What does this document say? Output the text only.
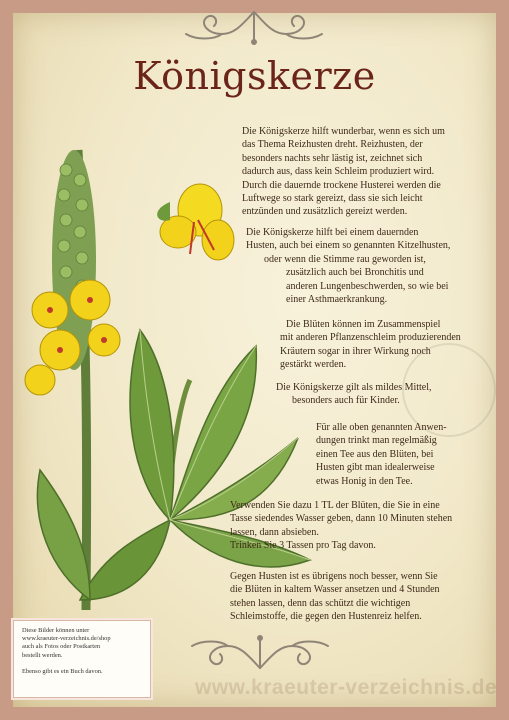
Königskerze

Die Königskerze hilft wunderbar, wenn es sich um
das Thema Reizhusten dreht. Reizhusten, der
besonders nachts sehr lästig ist, zeichnet sich
dadurch aus, dass kein Schleim produziert wird.
Durch die dauernde trockene Husterei werden die
Luftwege so stark gereizt, dass sie sich leicht
entzünden und zusätzlich gereizt werden.

Die Königskerze hilft bei einem dauernden
Husten, auch bei einem so genannten Kitzelhusten,
oder wenn die Stimme rau geworden ist,
zusätzlich auch bei Bronchitis und
anderen Lungenbeschwerden, so wie bei
einer Asthmaerkrankung.

Die Blüten können im Zusammenspiel
mit anderen Pflanzenschleim produzierenden
Kräutern sogar in ihrer Wirkung noch
gestärkt werden.

Die Königskerze gilt als mildes Mittel,
besonders auch für Kinder.

Für alle oben genannten Anwen-
dungen trinkt man regelmäßig
einen Tee aus den Blüten, bei
Husten gibt man idealerweise
etwas Honig in den Tee.

Verwenden Sie dazu 1 TL der Blüten, die Sie in eine
Tasse siedendes Wasser geben, dann 10 Minuten stehen
lassen, dann absieben.
Trinken Sie 3 Tassen pro Tag davon.

Gegen Husten ist es übrigens noch besser, wenn Sie
die Blüten in kaltem Wasser ansetzen und 4 Stunden
stehen lassen, denn das schützt die wichtigen
Schleimstoffe, die gegen den Hustenreiz helfen.

www.kraeuter-verzeichnis.de

Diese Bilder können unter

www.kraeuter-verzeichnis.de/shop

auch als Fotos oder Postkarten

bestellt werden.

Ebenso gibt es ein Buch davon.
